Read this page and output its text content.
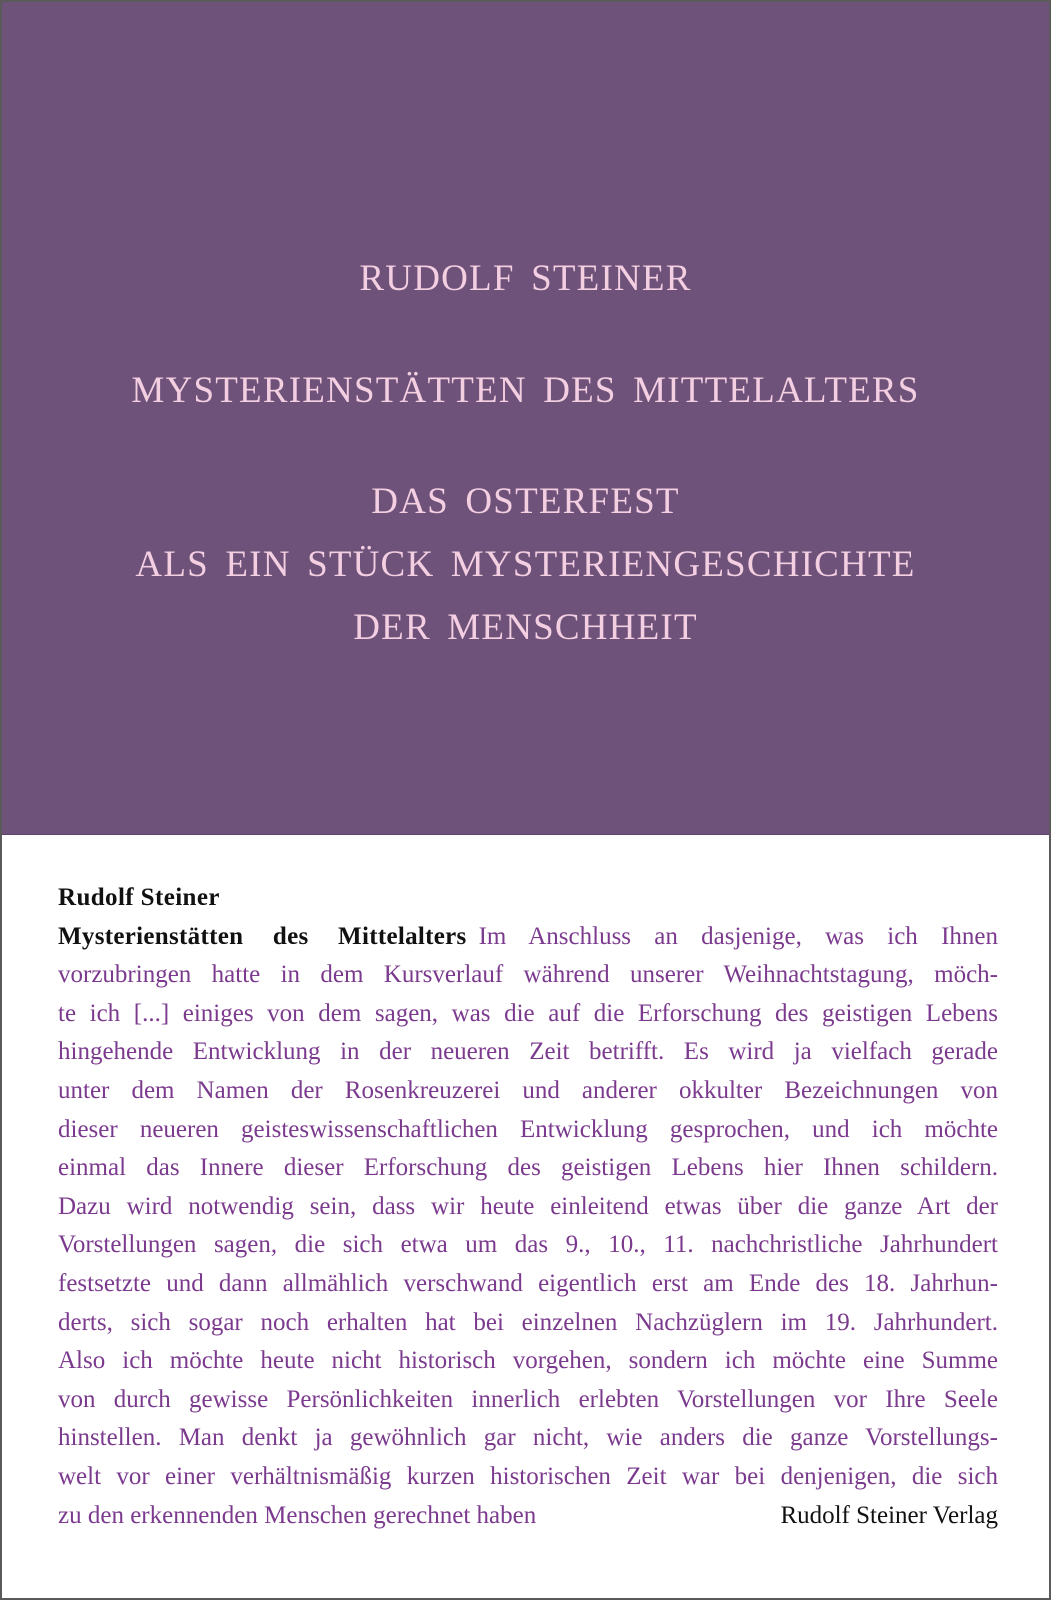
RUDOLF STEINER
MYSTERIENSTÄTTEN DES MITTELALTERS
DAS OSTERFEST
ALS EIN STÜCK MYSTERIENGESCHICHTE
DER MENSCHHEIT
Rudolf Steiner
Mysterienstätten des Mittelalters Im Anschluss an dasjenige, was ich Ihnen
vorzubringen hatte in dem Kursverlauf während unserer Weihnachtstagung, möch-
te ich [...] einiges von dem sagen, was die auf die Erforschung des geistigen Lebens
hingehende Entwicklung in der neueren Zeit betrifft. Es wird ja vielfach gerade
unter dem Namen der Rosenkreuzerei und anderer okkulter Bezeichnungen von
dieser neueren geisteswissenschaftlichen Entwicklung gesprochen, und ich möchte
einmal das Innere dieser Erforschung des geistigen Lebens hier Ihnen schildern.
Dazu wird notwendig sein, dass wir heute einleitend etwas über die ganze Art der
Vorstellungen sagen, die sich etwa um das 9., 10., 11. nachchristliche Jahrhundert
festsetzte und dann allmählich verschwand eigentlich erst am Ende des 18. Jahrhun-
derts, sich sogar noch erhalten hat bei einzelnen Nachzüglern im 19. Jahrhundert.
Also ich möchte heute nicht historisch vorgehen, sondern ich möchte eine Summe
von durch gewisse Persönlichkeiten innerlich erlebten Vorstellungen vor Ihre Seele
hinstellen. Man denkt ja gewöhnlich gar nicht, wie anders die ganze Vorstellungs-
welt vor einer verhältnismäßig kurzen historischen Zeit war bei denjenigen, die sich
zu den erkennenden Menschen gerechnet haben	Rudolf Steiner Verlag
